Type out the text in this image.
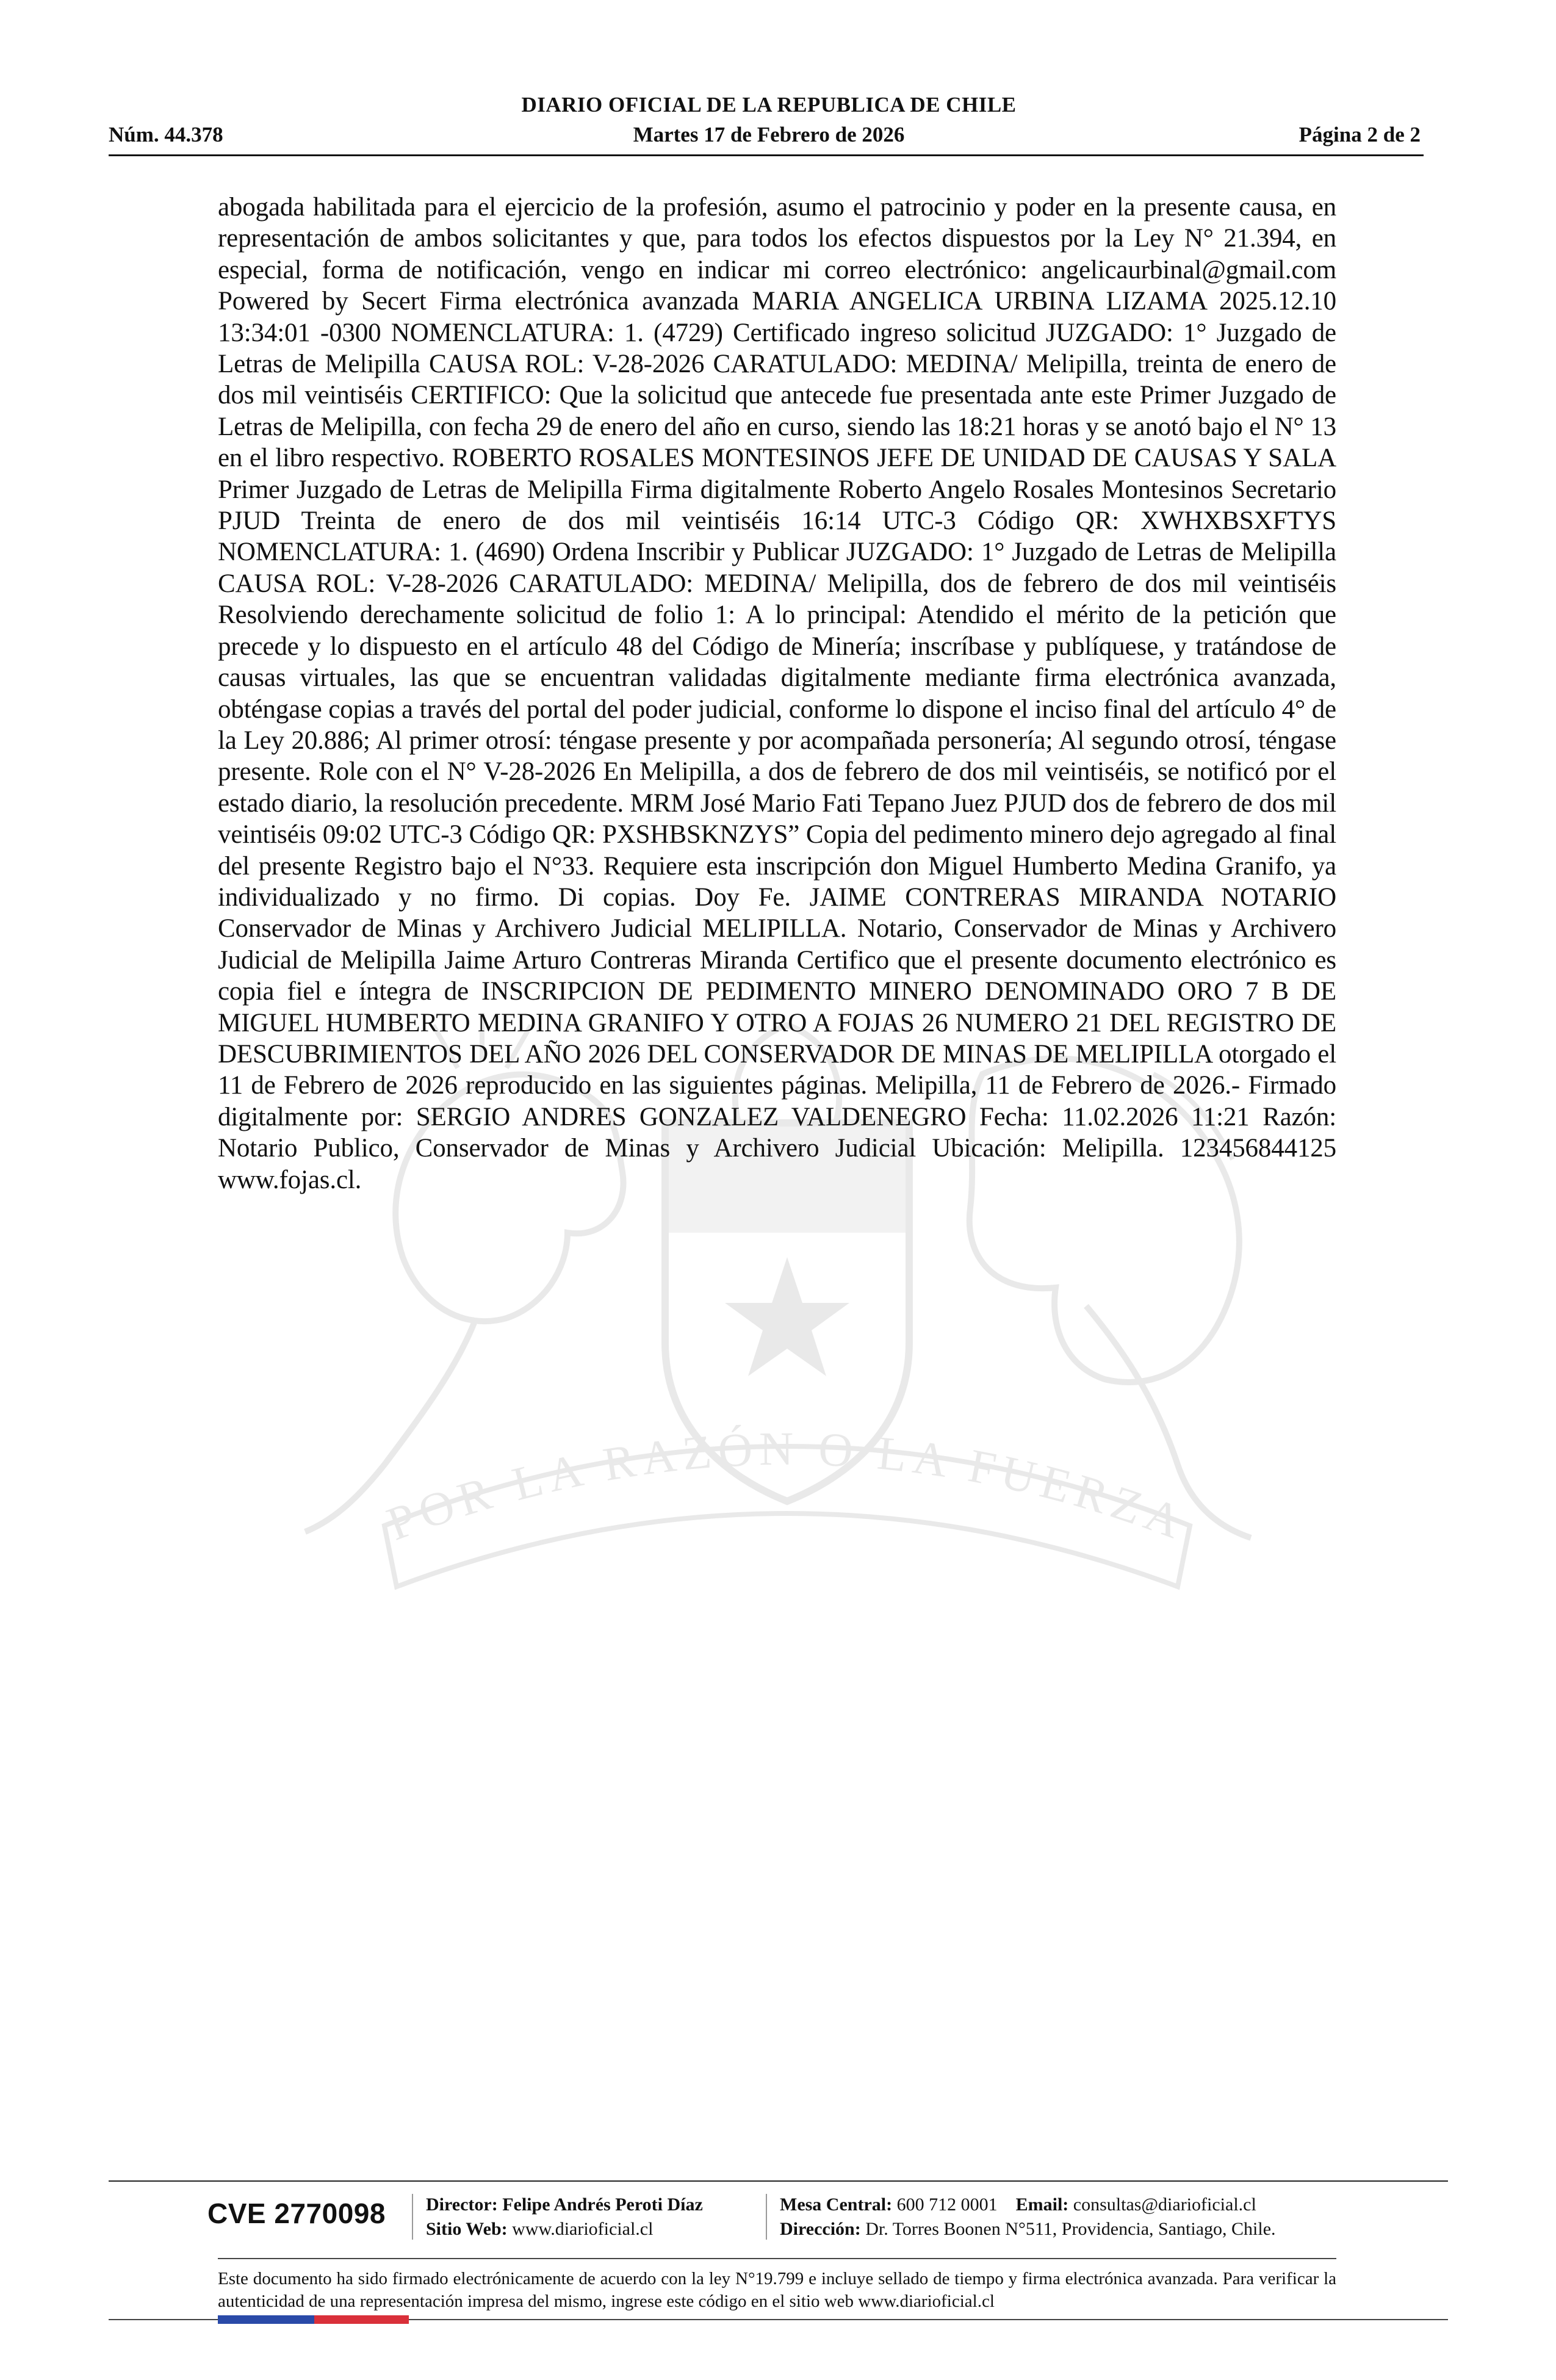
DIARIO OFICIAL DE LA REPUBLICA DE CHILE
Núm. 44.378	Martes 17 de Febrero de 2026	Página 2 de 2
POR LA RAZÓN O LA FUERZA
abogada habilitada para el ejercicio de la profesión, asumo el patrocinio y poder en la presente causa, en representación de ambos solicitantes y que, para todos los efectos dispuestos por la Ley N° 21.394, en especial, forma de notificación, vengo en indicar mi correo electrónico: angelicaurbinal@gmail.com Powered by Secert Firma electrónica avanzada MARIA ANGELICA URBINA LIZAMA 2025.12.10 13:34:01 -0300 NOMENCLATURA: 1. (4729) Certificado ingreso solicitud JUZGADO: 1° Juzgado de Letras de Melipilla CAUSA ROL: V-28-2026 CARATULADO: MEDINA/ Melipilla, treinta de enero de dos mil veintiséis CERTIFICO: Que la solicitud que antecede fue presentada ante este Primer Juzgado de Letras de Melipilla, con fecha 29 de enero del año en curso, siendo las 18:21 horas y se anotó bajo el N° 13 en el libro respectivo. ROBERTO ROSALES MONTESINOS JEFE DE UNIDAD DE CAUSAS Y SALA Primer Juzgado de Letras de Melipilla Firma digitalmente Roberto Angelo Rosales Montesinos Secretario PJUD Treinta de enero de dos mil veintiséis 16:14 UTC-3 Código QR: XWHXBSXFTYS NOMENCLATURA: 1. (4690) Ordena Inscribir y Publicar JUZGADO: 1° Juzgado de Letras de Melipilla CAUSA ROL: V-28-2026 CARATULADO: MEDINA/ Melipilla, dos de febrero de dos mil veintiséis Resolviendo derechamente solicitud de folio 1: A lo principal: Atendido el mérito de la petición que precede y lo dispuesto en el artículo 48 del Código de Minería; inscríbase y publíquese, y tratándose de causas virtuales, las que se encuentran validadas digitalmente mediante firma electrónica avanzada, obténgase copias a través del portal del poder judicial, conforme lo dispone el inciso final del artículo 4° de la Ley 20.886; Al primer otrosí: téngase presente y por acompañada personería; Al segundo otrosí, téngase presente. Role con el N° V-28-2026 En Melipilla, a dos de febrero de dos mil veintiséis, se notificó por el estado diario, la resolución precedente. MRM José Mario Fati Tepano Juez PJUD dos de febrero de dos mil veintiséis 09:02 UTC-3 Código QR: PXSHBSKNZYS” Copia del pedimento minero dejo agregado al final del presente Registro bajo el N°33. Requiere esta inscripción don Miguel Humberto Medina Granifo, ya individualizado y no firmo. Di copias. Doy Fe. JAIME CONTRERAS MIRANDA NOTARIO Conservador de Minas y Archivero Judicial MELIPILLA. Notario, Conservador de Minas y Archivero Judicial de Melipilla Jaime Arturo Contreras Miranda Certifico que el presente documento electrónico es copia fiel e íntegra de INSCRIPCION DE PEDIMENTO MINERO DENOMINADO ORO 7 B DE MIGUEL HUMBERTO MEDINA GRANIFO Y OTRO A FOJAS 26 NUMERO 21 DEL REGISTRO DE DESCUBRIMIENTOS DEL AÑO 2026 DEL CONSERVADOR DE MINAS DE MELIPILLA otorgado el 11 de Febrero de 2026 reproducido en las siguientes páginas. Melipilla, 11 de Febrero de 2026.- Firmado digitalmente por: SERGIO ANDRES GONZALEZ VALDENEGRO Fecha: 11.02.2026 11:21 Razón: Notario Publico, Conservador de Minas y Archivero Judicial Ubicación: Melipilla. 123456844125 www.fojas.cl.
CVE 2770098 Director: Felipe Andrés Peroti Díaz
Sitio Web: www.diarioficial.cl
Mesa Central: 600 712 0001 Email: consultas@diarioficial.cl
Dirección: Dr. Torres Boonen N°511, Providencia, Santiago, Chile.
Este documento ha sido firmado electrónicamente de acuerdo con la ley N°19.799 e incluye sellado de tiempo y firma electrónica avanzada. Para verificar la autenticidad de una representación impresa del mismo, ingrese este código en el sitio web www.diarioficial.cl
